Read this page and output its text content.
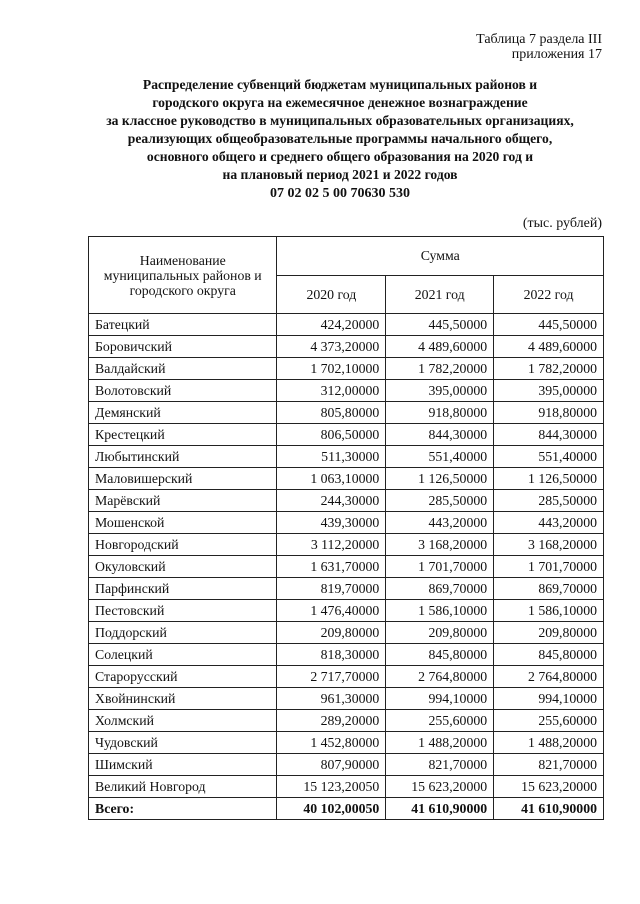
Таблица 7 раздела III
приложения 17
Распределение субвенций бюджетам муниципальных районов и
городского округа на ежемесячное денежное вознаграждение
за классное руководство в муниципальных образовательных организациях,
реализующих общеобразовательные программы начального общего,
основного общего и среднего общего образования на 2020 год и
на плановый период 2021 и 2022 годов
07 02 02 5 00 70630 530
(тыс. рублей)
Наименование муниципальных районов и городского округа	Сумма		
	2020 год	2021 год	2022 год
Батецкий	424,20000	445,50000	445,50000
Боровичский	4 373,20000	4 489,60000	4 489,60000
Валдайский	1 702,10000	1 782,20000	1 782,20000
Волотовский	312,00000	395,00000	395,00000
Демянский	805,80000	918,80000	918,80000
Крестецкий	806,50000	844,30000	844,30000
Любытинский	511,30000	551,40000	551,40000
Маловишерский	1 063,10000	1 126,50000	1 126,50000
Марёвский	244,30000	285,50000	285,50000
Мошенской	439,30000	443,20000	443,20000
Новгородский	3 112,20000	3 168,20000	3 168,20000
Окуловский	1 631,70000	1 701,70000	1 701,70000
Парфинский	819,70000	869,70000	869,70000
Пестовский	1 476,40000	1 586,10000	1 586,10000
Поддорский	209,80000	209,80000	209,80000
Солецкий	818,30000	845,80000	845,80000
Старорусский	2 717,70000	2 764,80000	2 764,80000
Хвойнинский	961,30000	994,10000	994,10000
Холмский	289,20000	255,60000	255,60000
Чудовский	1 452,80000	1 488,20000	1 488,20000
Шимский	807,90000	821,70000	821,70000
Великий Новгород	15 123,20050	15 623,20000	15 623,20000
Всего:	40 102,00050	41 610,90000	41 610,90000
